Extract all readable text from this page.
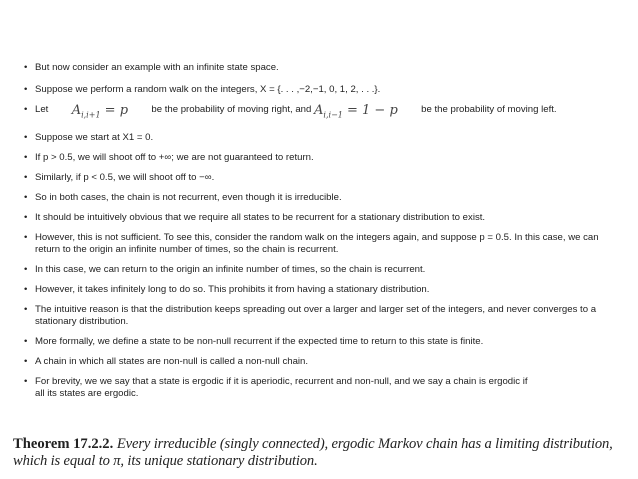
• But now consider an example with an infinite state space.
• Suppose we perform a random walk on the integers, X = {. . . ,−2,−1, 0, 1, 2, . . .}.
• Let $A_{i,i+1} = p$ be the probability of moving right, and $A_{i,i-1} = 1 - p$ be the probability of moving left.
• Suppose we start at X1 = 0.
• If p > 0.5, we will shoot off to +∞; we are not guaranteed to return.
• Similarly, if p < 0.5, we will shoot off to −∞.
• So in both cases, the chain is not recurrent, even though it is irreducible.
• It should be intuitively obvious that we require all states to be recurrent for a stationary distribution to exist.
• However, this is not sufficient. To see this, consider the random walk on the integers again, and suppose p = 0.5. In this case, we can return to the origin an infinite number of times, so the chain is recurrent.
• In this case, we can return to the origin an infinite number of times, so the chain is recurrent.
• However, it takes infinitely long to do so. This prohibits it from having a stationary distribution.
• The intuitive reason is that the distribution keeps spreading out over a larger and larger set of the integers, and never converges to a stationary distribution.
• More formally, we define a state to be non-null recurrent if the expected time to return to this state is finite.
• A chain in which all states are non-null is called a non-null chain.
• For brevity, we we say that a state is ergodic if it is aperiodic, recurrent and non-null, and we say a chain is ergodic if
all its states are ergodic.

Theorem 17.2.2. Every irreducible (singly connected), ergodic Markov chain has a limiting distribution, which is equal to π, its unique stationary distribution.
